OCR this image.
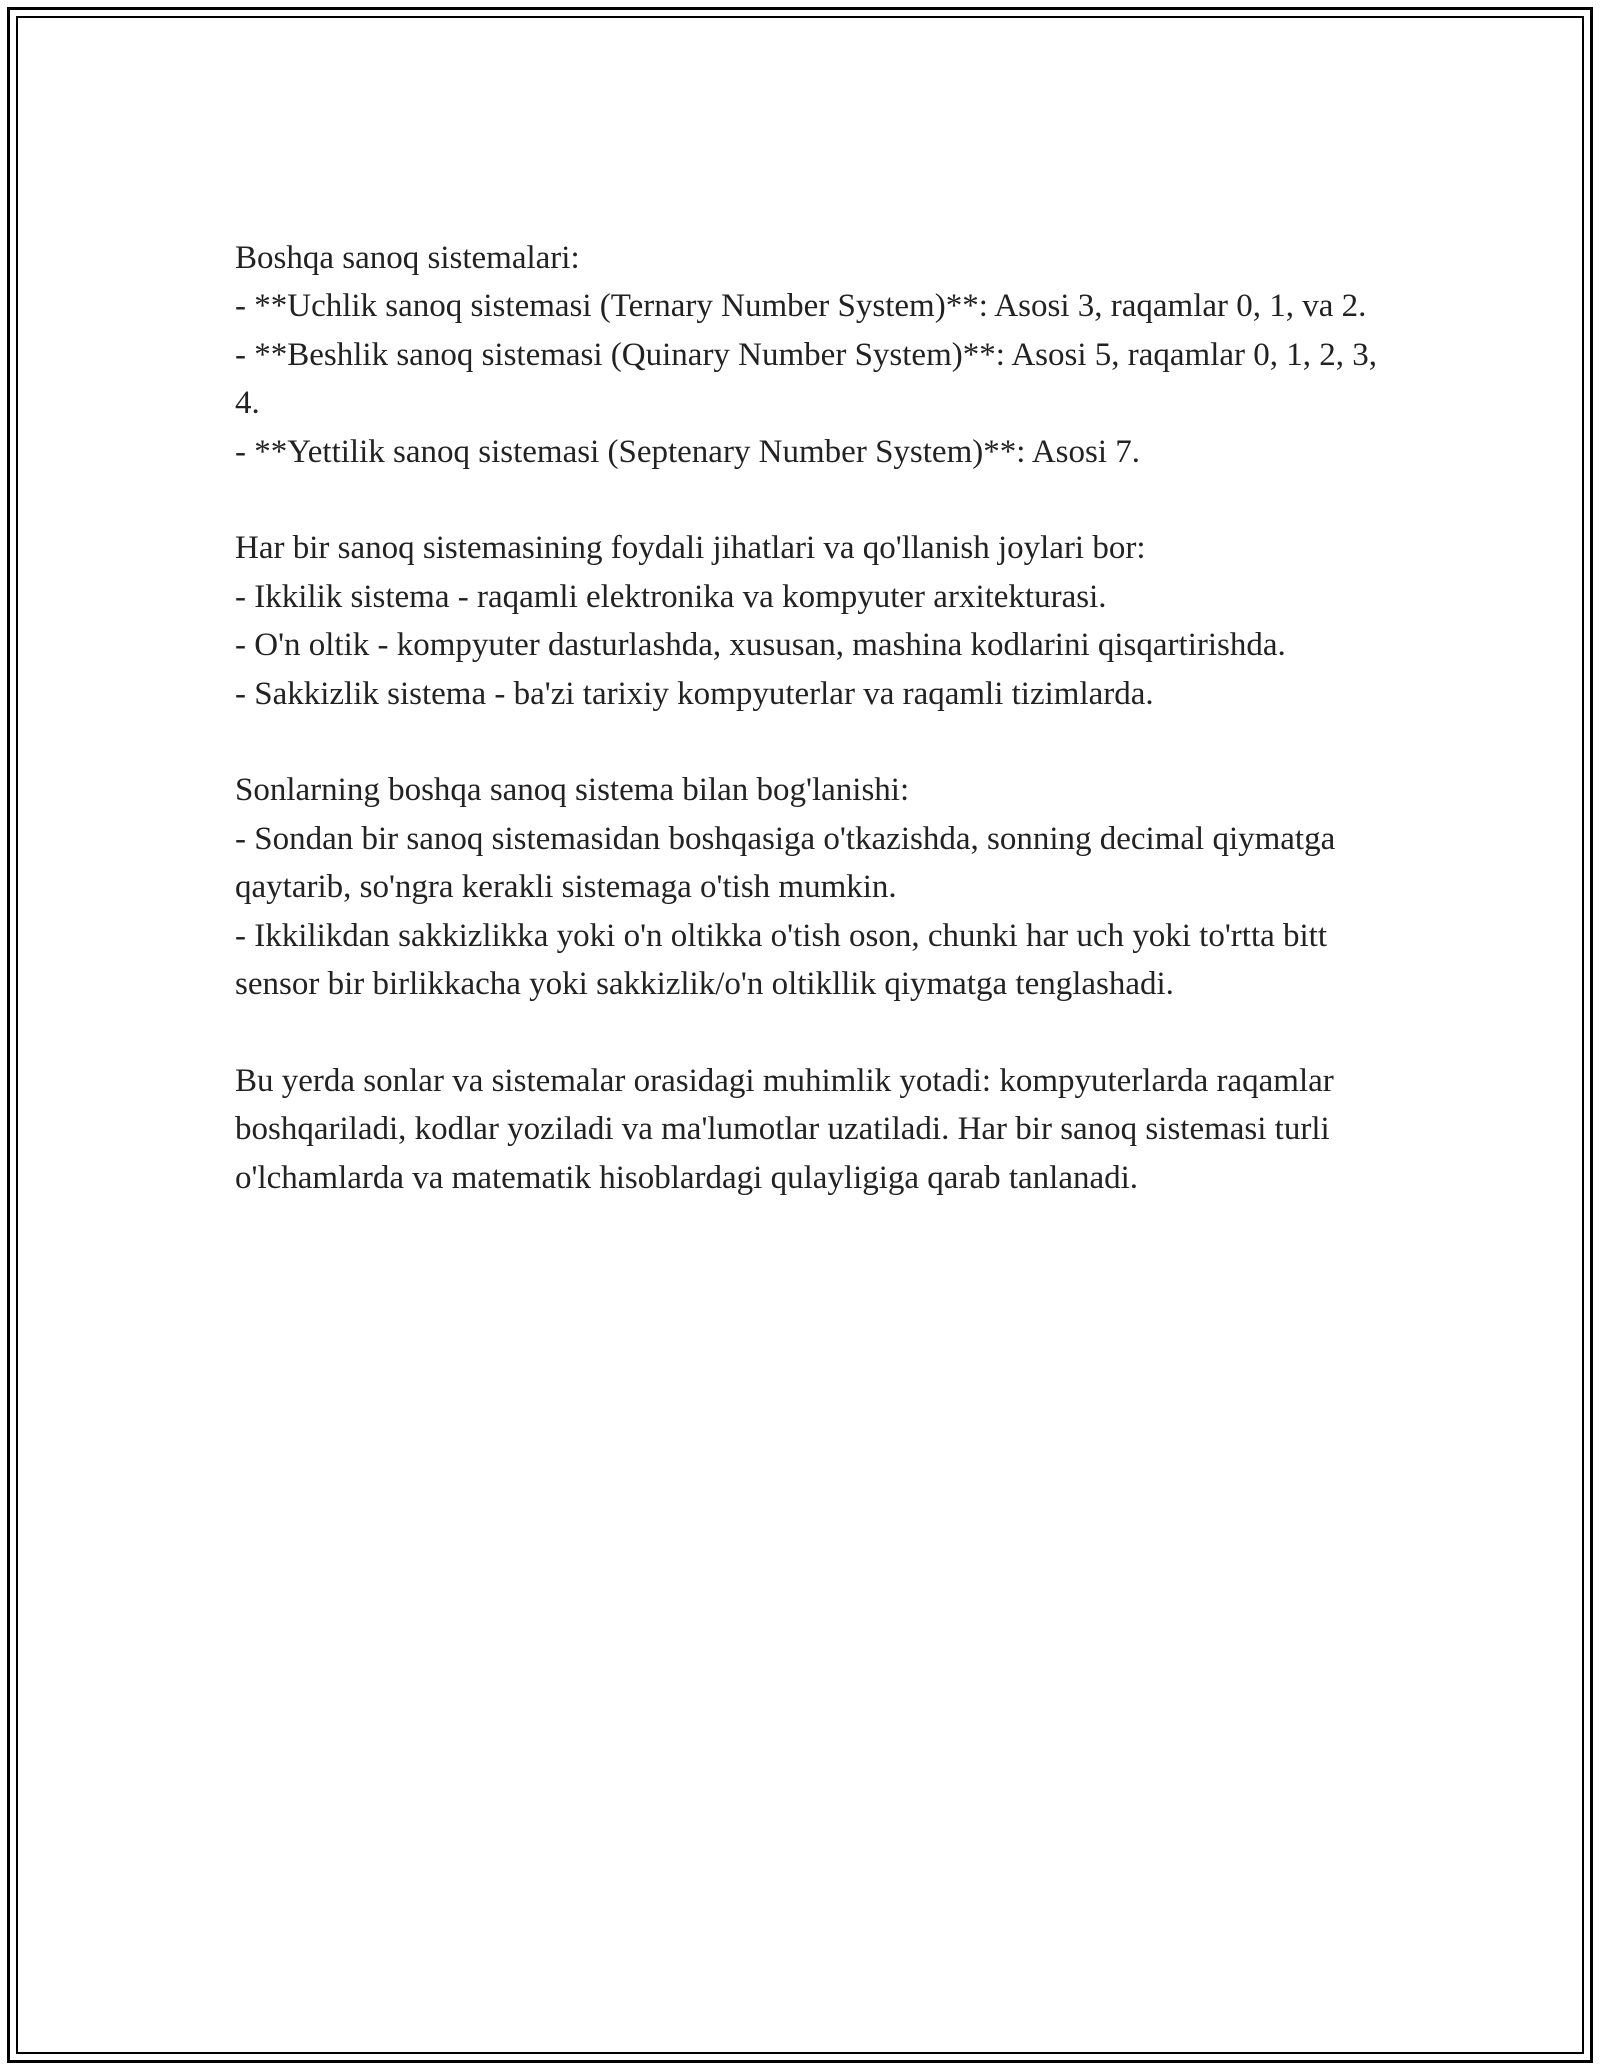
Boshqa sanoq sistemalari:
- **Uchlik sanoq sistemasi (Ternary Number System)**: Asosi 3, raqamlar 0, 1, va 2.
- **Beshlik sanoq sistemasi (Quinary Number System)**: Asosi 5, raqamlar 0, 1, 2, 3, 4.
- **Yettilik sanoq sistemasi (Septenary Number System)**: Asosi 7.
Har bir sanoq sistemasining foydali jihatlari va qo'llanish joylari bor:
- Ikkilik sistema - raqamli elektronika va kompyuter arxitekturasi.
- O'n oltik - kompyuter dasturlashda, xususan, mashina kodlarini qisqartirishda.
- Sakkizlik sistema - ba'zi tarixiy kompyuterlar va raqamli tizimlarda.
Sonlarning boshqa sanoq sistema bilan bog'lanishi:
- Sondan bir sanoq sistemasidan boshqasiga o'tkazishda, sonning decimal qiymatga qaytarib, so'ngra kerakli sistemaga o'tish mumkin.
- Ikkilikdan sakkizlikka yoki o'n oltikka o'tish oson, chunki har uch yoki to'rtta bitt sensor bir birlikkacha yoki sakkizlik/o'n oltikllik qiymatga tenglashadi.
Bu yerda sonlar va sistemalar orasidagi muhimlik yotadi: kompyuterlarda raqamlar boshqariladi, kodlar yoziladi va ma'lumotlar uzatiladi. Har bir sanoq sistemasi turli o'lchamlarda va matematik hisoblardagi qulayligiga qarab tanlanadi.
